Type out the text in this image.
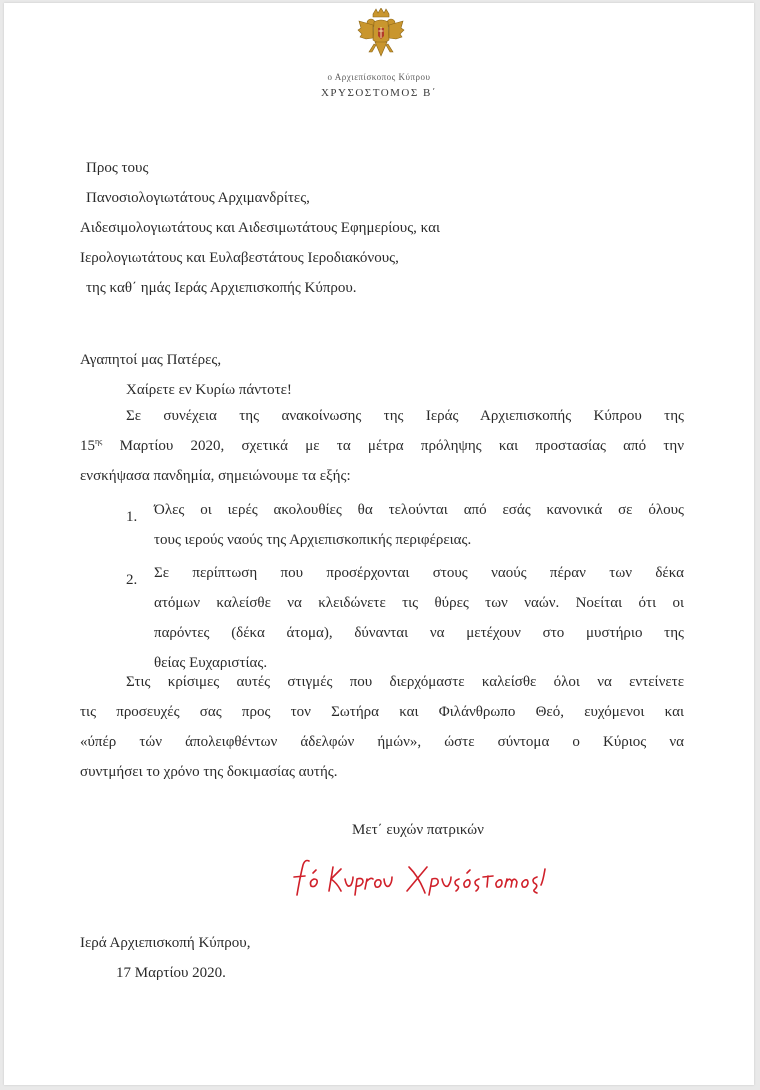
ο Αρχιεπίσκοπος Κύπρου
ΧΡΥΣΟΣΤΟΜΟΣ Β΄
Προς τους
Πανοσιολογιωτάτους Αρχιμανδρίτες,
Αιδεσιμολογιωτάτους και Αιδεσιμωτάτους Εφημερίους, και
Ιερολογιωτάτους και Ευλαβεστάτους Ιεροδιακόνους,
της καθ΄ ημάς Ιεράς Αρχιεπισκοπής Κύπρου.
Αγαπητοί μας Πατέρες,
Χαίρετε εν Κυρίω πάντοτε!
Σε συνέχεια της ανακοίνωσης της Ιεράς Αρχιεπισκοπής Κύπρου της
$15^{\eta\varsigma}$ Μαρτίου 2020, σχετικά με τα μέτρα πρόληψης και προστασίας από την
ενσκήψασα πανδημία, σημειώνουμε τα εξής:
1. Όλες οι ιερές ακολουθίες θα τελούνται από εσάς κανονικά σε όλους
τους ιερούς ναούς της Αρχιεπισκοπικής περιφέρειας.
2. Σε περίπτωση που προσέρχονται στους ναούς πέραν των δέκα
ατόμων καλείσθε να κλειδώνετε τις θύρες των ναών. Νοείται ότι οι
παρόντες (δέκα άτομα), δύνανται να μετέχουν στο μυστήριο της
θείας Ευχαριστίας.
Στις κρίσιμες αυτές στιγμές που διερχόμαστε καλείσθε όλοι να εντείνετε
τις προσευχές σας προς τον Σωτήρα και Φιλάνθρωπο Θεό, ευχόμενοι και
«ύπέρ τών άπολειφθέντων άδελφών ήμών», ώστε σύντομα ο Κύριος να
συντμήσει το χρόνο της δοκιμασίας αυτής.
Μετ΄ ευχών πατρικών
Ιερά Αρχιεπισκοπή Κύπρου,
17 Μαρτίου 2020.
